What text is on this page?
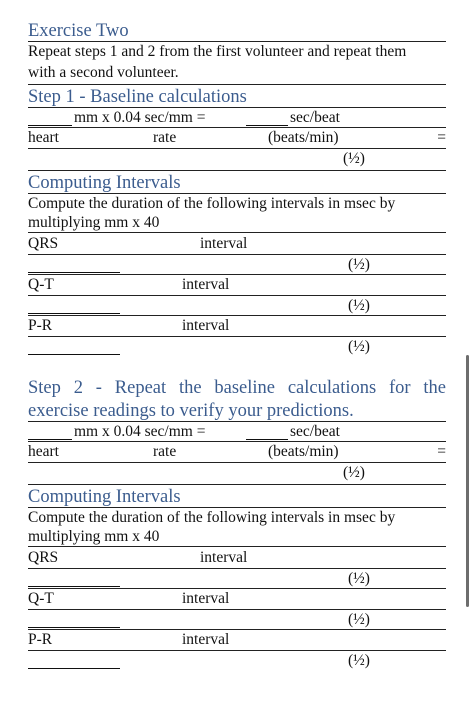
Exercise Two
Repeat steps 1 and 2 from the first volunteer and repeat them
with a second volunteer.
Step 1 - Baseline calculations
mm x 0.04 sec/mm =	sec/beat
heart	rate	(beats/min)	=
(½)
Computing Intervals
Compute the duration of the following intervals in msec by
multiplying mm x 40
QRS	interval
(½)
Q-T	interval
(½)
P-R	interval
(½)
Step 2 - Repeat the baseline calculations for the
exercise readings to verify your predictions.
mm x 0.04 sec/mm =	sec/beat
heart	rate	(beats/min)	=
(½)
Computing Intervals
Compute the duration of the following intervals in msec by
multiplying mm x 40
QRS	interval
(½)
Q-T	interval
(½)
P-R	interval
(½)
